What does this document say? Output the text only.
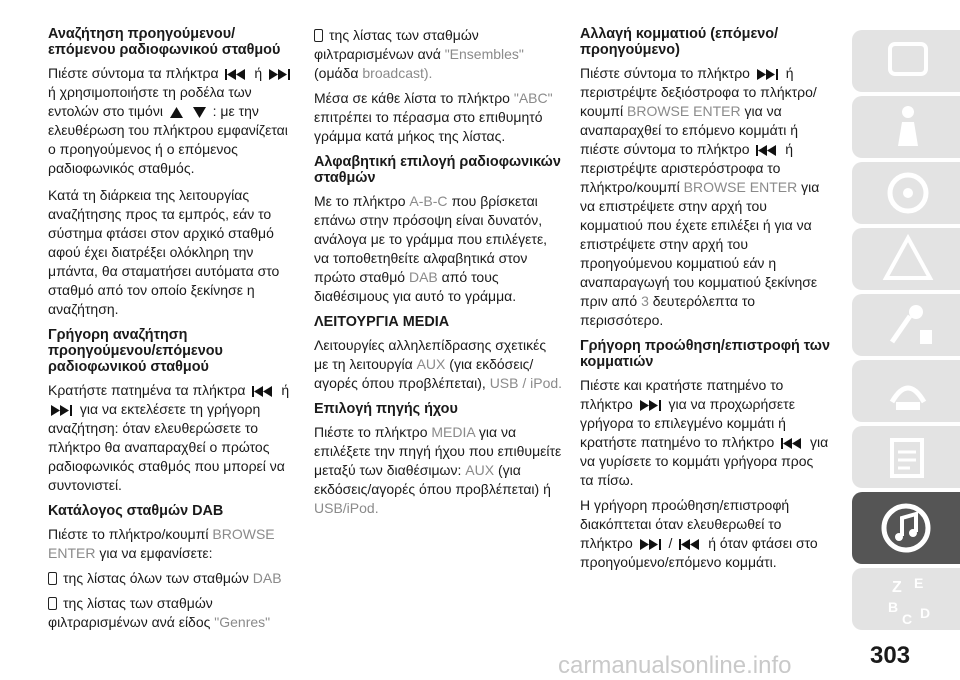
Αναζήτηση προηγούμενου/ επόμενου ραδιοφωνικού σταθμού
Πιέστε σύντομα τα πλήκτρα	ή  ή χρησιμοποιήστε τη ροδέλα των εντολών στο τιμόνι	: με την ελευθέρωση του πλήκτρου εμφανίζεται ο προηγούμενος ή ο επόμενος ραδιοφωνικός σταθμός.
Κατά τη διάρκεια της λειτουργίας αναζήτησης προς τα εμπρός, εάν το σύστημα φτάσει στον αρχικό σταθμό αφού έχει διατρέξει ολόκληρη την μπάντα, θα σταματήσει αυτόματα στο σταθμό από τον οποίο ξεκίνησε η αναζήτηση.
Γρήγορη αναζήτηση προηγούμενου/επόμενου ραδιοφωνικού σταθμού
Κρατήστε πατημένα τα πλήκτρα	ή  για να εκτελέσετε τη γρήγορη αναζήτηση: όταν ελευθερώσετε το πλήκτρο θα αναπαραχθεί ο πρώτος ραδιοφωνικός σταθμός που μπορεί να συντονιστεί.
Κατάλογος σταθμών DAB
Πιέστε το πλήκτρο/κουμπί BROWSE ENTER για να εμφανίσετε:
της λίστας όλων των σταθμών DAB
της λίστας των σταθμών φιλτραρισμένων ανά είδος "Genres"
της λίστας των σταθμών φιλτραρισμένων ανά "Ensembles" (ομάδα broadcast).
Μέσα σε κάθε λίστα το πλήκτρο "ABC" επιτρέπει το πέρασμα στο επιθυμητό γράμμα κατά μήκος της λίστας.
Αλφαβητική επιλογή ραδιοφωνικών σταθμών
Με το πλήκτρο A-B-C που βρίσκεται επάνω στην πρόσοψη είναι δυνατόν, ανάλογα με το γράμμα που επιλέγετε, να τοποθετηθείτε αλφαβητικά στον πρώτο σταθμό DAB από τους διαθέσιμους για αυτό το γράμμα.
ΛΕΙΤΟΥΡΓΙΑ MEDIA
Λειτουργίες αλληλεπίδρασης σχετικές με τη λειτουργία AUX (για εκδόσεις/ αγορές όπου προβλέπεται), USB / iPod.
Επιλογή πηγής ήχου
Πιέστε το πλήκτρο MEDIA για να επιλέξετε την πηγή ήχου που επιθυμείτε μεταξύ των διαθέσιμων: AUX (για εκδόσεις/αγορές όπου προβλέπεται) ή USB/iPod.
Αλλαγή κομματιού (επόμενο/ προηγούμενο)
Πιέστε σύντομα το πλήκτρο	ή περιστρέψτε δεξιόστροφα το πλήκτρο/κουμπί BROWSE ENTER για να αναπαραχθεί το επόμενο κομμάτι ή πιέστε σύντομα το πλήκτρο	ή περιστρέψτε αριστερόστροφα το πλήκτρο/κουμπί BROWSE ENTER για να επιστρέψετε στην αρχή του κομματιού που έχετε επιλέξει ή για να επιστρέψετε στην αρχή του προηγούμενου κομματιού εάν η αναπαραγωγή του κομματιού ξεκίνησε πριν από 3 δευτερόλεπτα το περισσότερο.
Γρήγορη προώθηση/επιστροφή των κομματιών
Πιέστε και κρατήστε πατημένο το πλήκτρο	για να προχωρήσετε γρήγορα το επιλεγμένο κομμάτι ή κρατήστε πατημένο το πλήκτρο	για να γυρίσετε το κομμάτι γρήγορα προς τα πίσω.
Η γρήγορη προώθηση/επιστροφή διακόπτεται όταν ελευθερωθεί το πλήκτρο	/	ή όταν φτάσει στο προηγούμενο/επόμενο κομμάτι.
Z E
B
C D
303
carmanualsonline.info
